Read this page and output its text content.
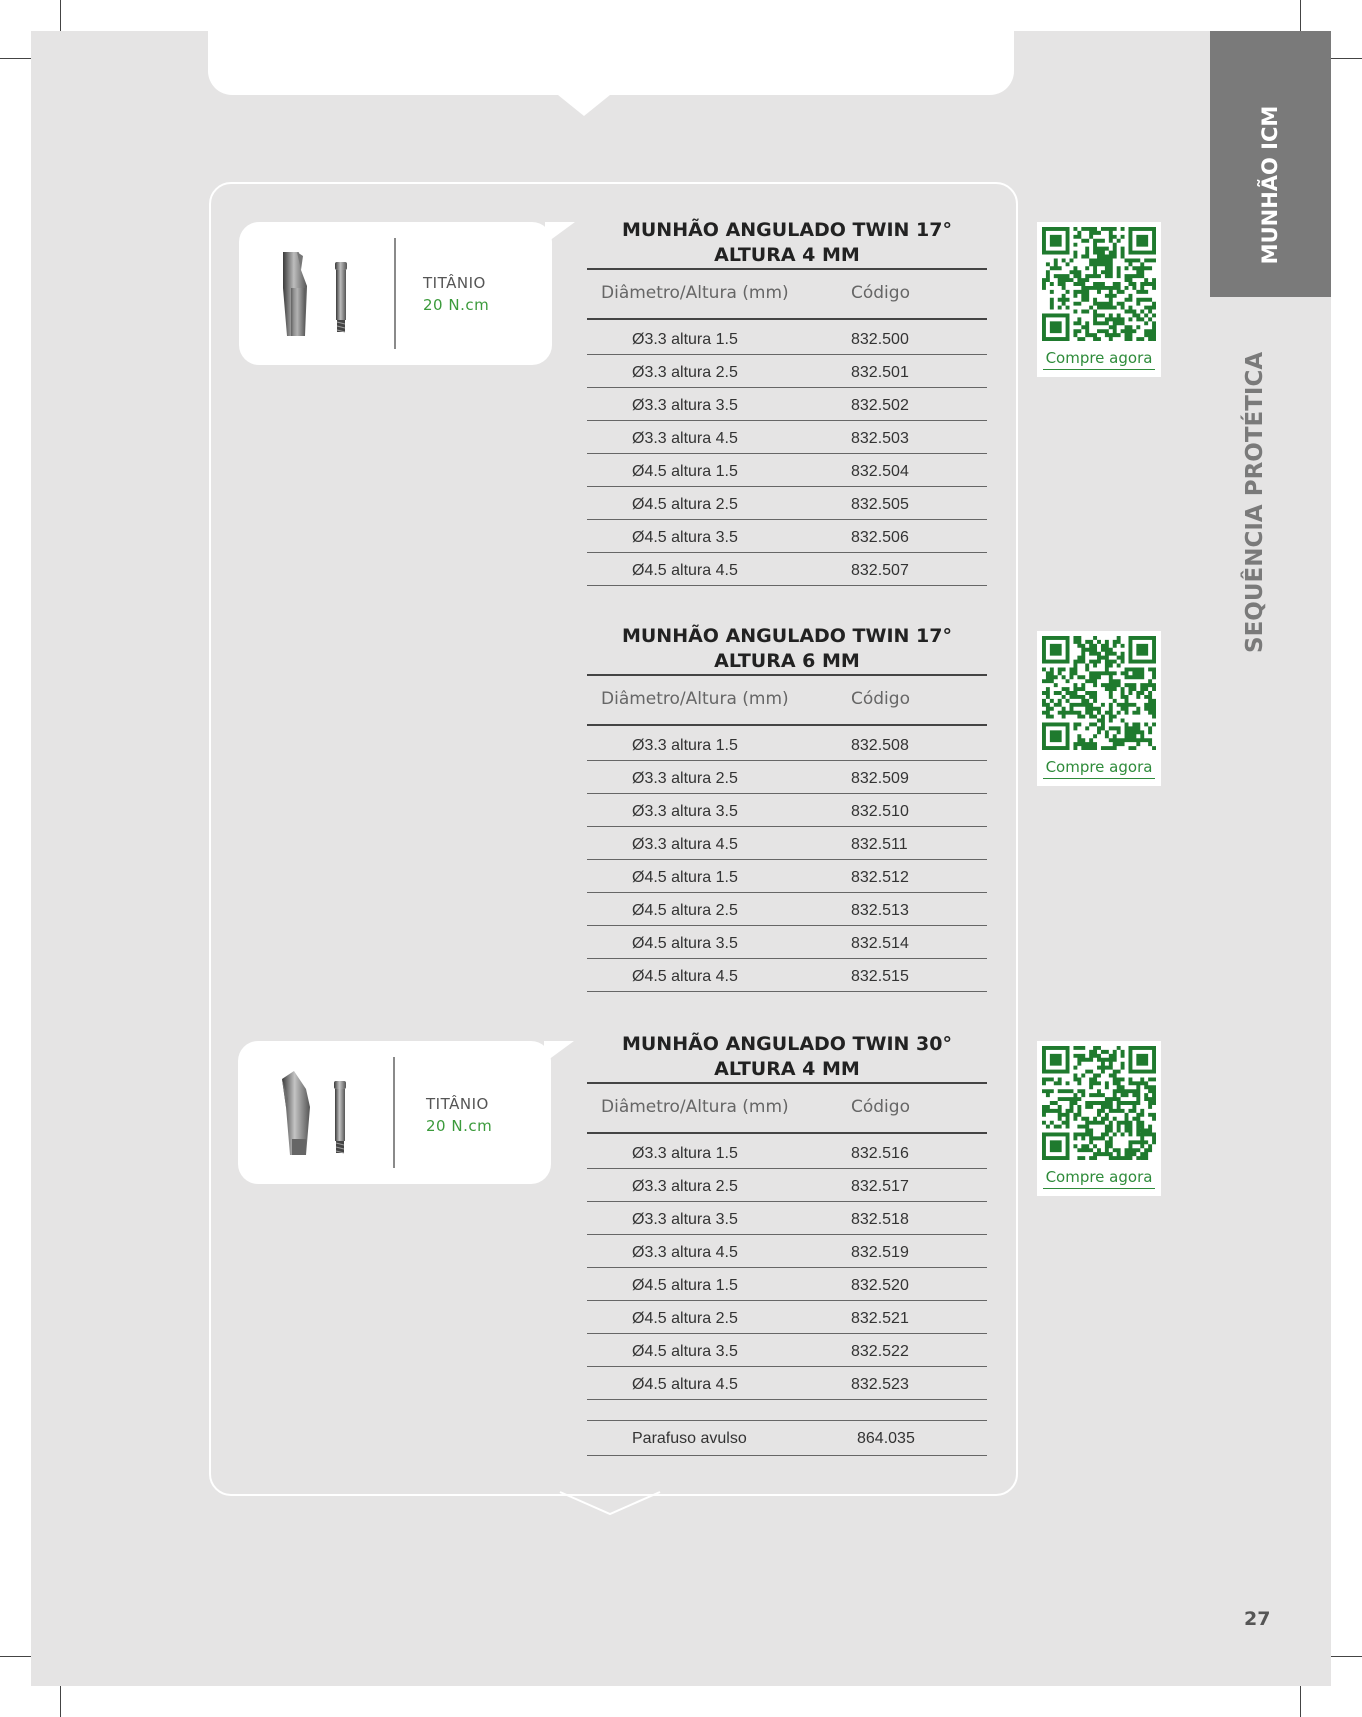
TITÂNIO
20 N.cm
TITÂNIO
20 N.cm
MUNHÃO ANGULADO TWIN 17°
ALTURA 4 MM
Diâmetro/Altura (mm)	Código
Ø3.3 altura 1.5	832.500
Ø3.3 altura 2.5	832.501
Ø3.3 altura 3.5	832.502
Ø3.3 altura 4.5	832.503
Ø4.5 altura 1.5	832.504
Ø4.5 altura 2.5	832.505
Ø4.5 altura 3.5	832.506
Ø4.5 altura 4.5	832.507
MUNHÃO ANGULADO TWIN 17°
ALTURA 6 MM
Diâmetro/Altura (mm)	Código
Ø3.3 altura 1.5	832.508
Ø3.3 altura 2.5	832.509
Ø3.3 altura 3.5	832.510
Ø3.3 altura 4.5	832.511
Ø4.5 altura 1.5	832.512
Ø4.5 altura 2.5	832.513
Ø4.5 altura 3.5	832.514
Ø4.5 altura 4.5	832.515
MUNHÃO ANGULADO TWIN 30°
ALTURA 4 MM
Diâmetro/Altura (mm)	Código
Ø3.3 altura 1.5	832.516
Ø3.3 altura 2.5	832.517
Ø3.3 altura 3.5	832.518
Ø3.3 altura 4.5	832.519
Ø4.5 altura 1.5	832.520
Ø4.5 altura 2.5	832.521
Ø4.5 altura 3.5	832.522
Ø4.5 altura 4.5	832.523
Parafuso avulso	864.035
Compre agora
Compre agora
Compre agora
MUNHÃO ICM
SEQUÊNCIA PROTÉTICA
27
